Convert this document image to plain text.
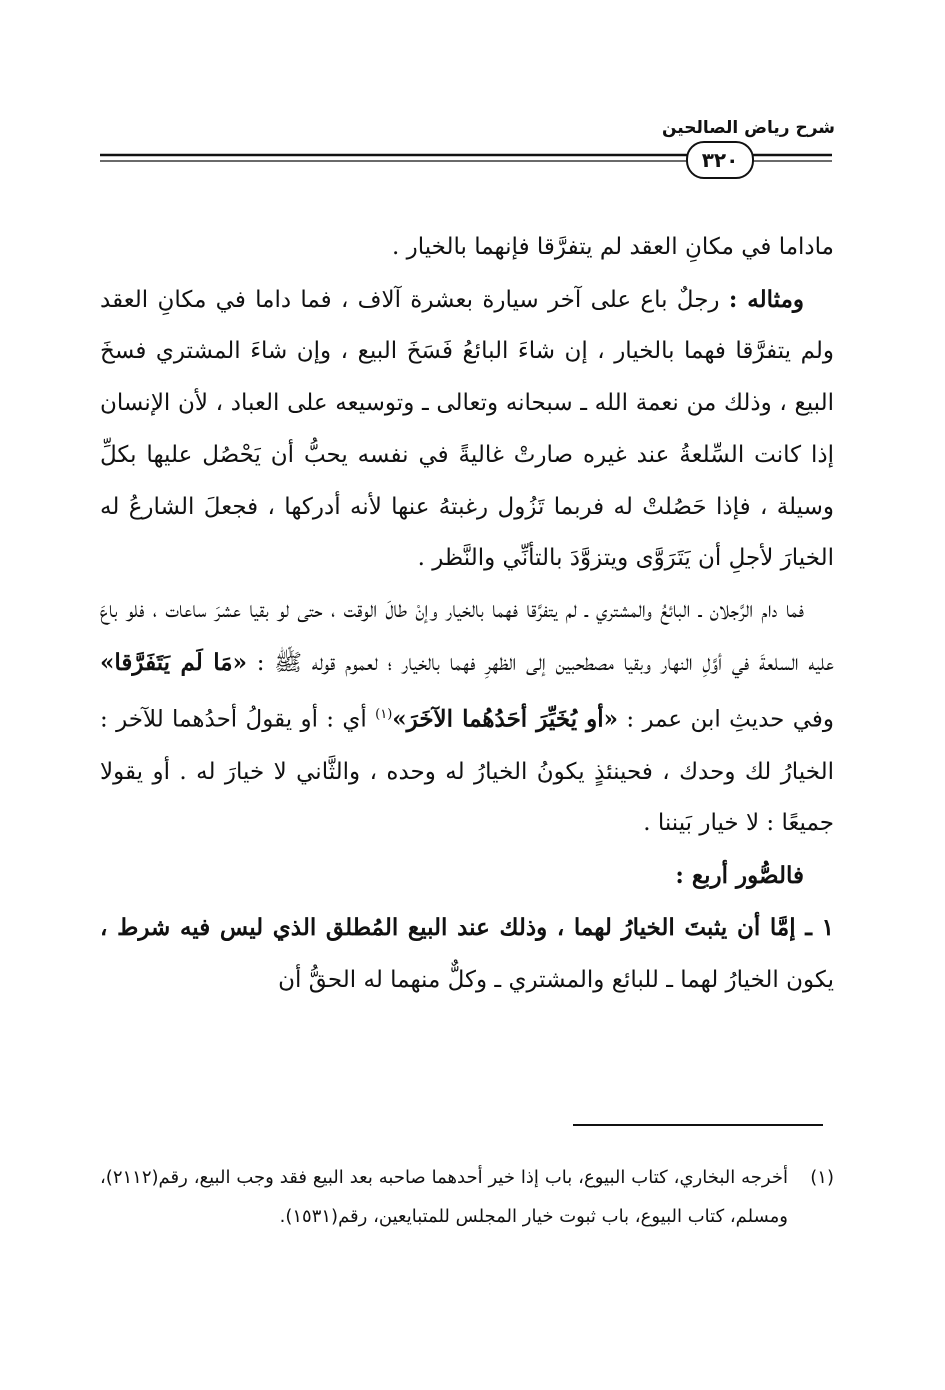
شرح رياض الصالحين
٣٢٠

ماداما في مكانِ العقد لم يتفرَّقا فإنهما بالخيار .

ومثاله : رجلٌ باع على آخر سيارة بعشرة آلاف ، فما داما في مكانِ العقد ولم يتفرَّقا فهما بالخيار ، إن شاءَ البائعُ فَسَخَ البيع ، وإن شاءَ المشتري فسخَ البيع ، وذلك من نعمة الله ـ سبحانه وتعالى ـ وتوسيعه على العباد ، لأن الإنسان إذا كانت السِّلعةُ عند غيره صارتْ غاليةً في نفسه يحبُّ أن يَحْصُل عليها بكلِّ وسيلة ، فإذا حَصُلتْ له فربما تَزُول رغبتهُ عنها لأنه أدركها ، فجعلَ الشارعُ له الخيارَ لأجلِ أن يَتَرَوَّى ويتزوَّدَ بالتأنِّي والنَّظر .

فما دام الرَّجلان ـ البائعُ والمشتري ـ لم يتفرَّقا فهما بالخيار وإنْ طالَ الوقت ، حتى لو بقيا عشرَ ساعات ، فلو باعَ عليه السلعةَ في أوَّلِ النهار وبقيا مصطحبين إلى الظهرِ فهما بالخيار ؛ لعموم قوله ﷺ : «مَا لَم يَتَفَرَّقا» وفي حديثِ ابن عمر : «أو يُخَيِّرَ أحَدُهُما الآخَرَ»$^{(١)}$ أي : أو يقولُ أحدُهما للآخر : الخيارُ لك وحدك ، فحينئذٍ يكونُ الخيارُ له وحده ، والثَّاني لا خيارَ له . أو يقولا جميعًا : لا خيار بَيننا .

فالصُّور أربع :

١ ـ إمَّا أن يثبتَ الخيارُ لهما ، وذلك عند البيع المُطلق الذي ليس فيه شرط ، يكون الخيارُ لهما ـ للبائع والمشتري ـ وكلٌّ منهما له الحقُّ أن

(١)
أخرجه البخاري، كتاب البيوع، باب إذا خير أحدهما صاحبه بعد البيع فقد وجب البيع، رقم(٢١١٢)، ومسلم، كتاب البيوع، باب ثبوت خيار المجلس للمتبايعين، رقم(١٥٣١).
